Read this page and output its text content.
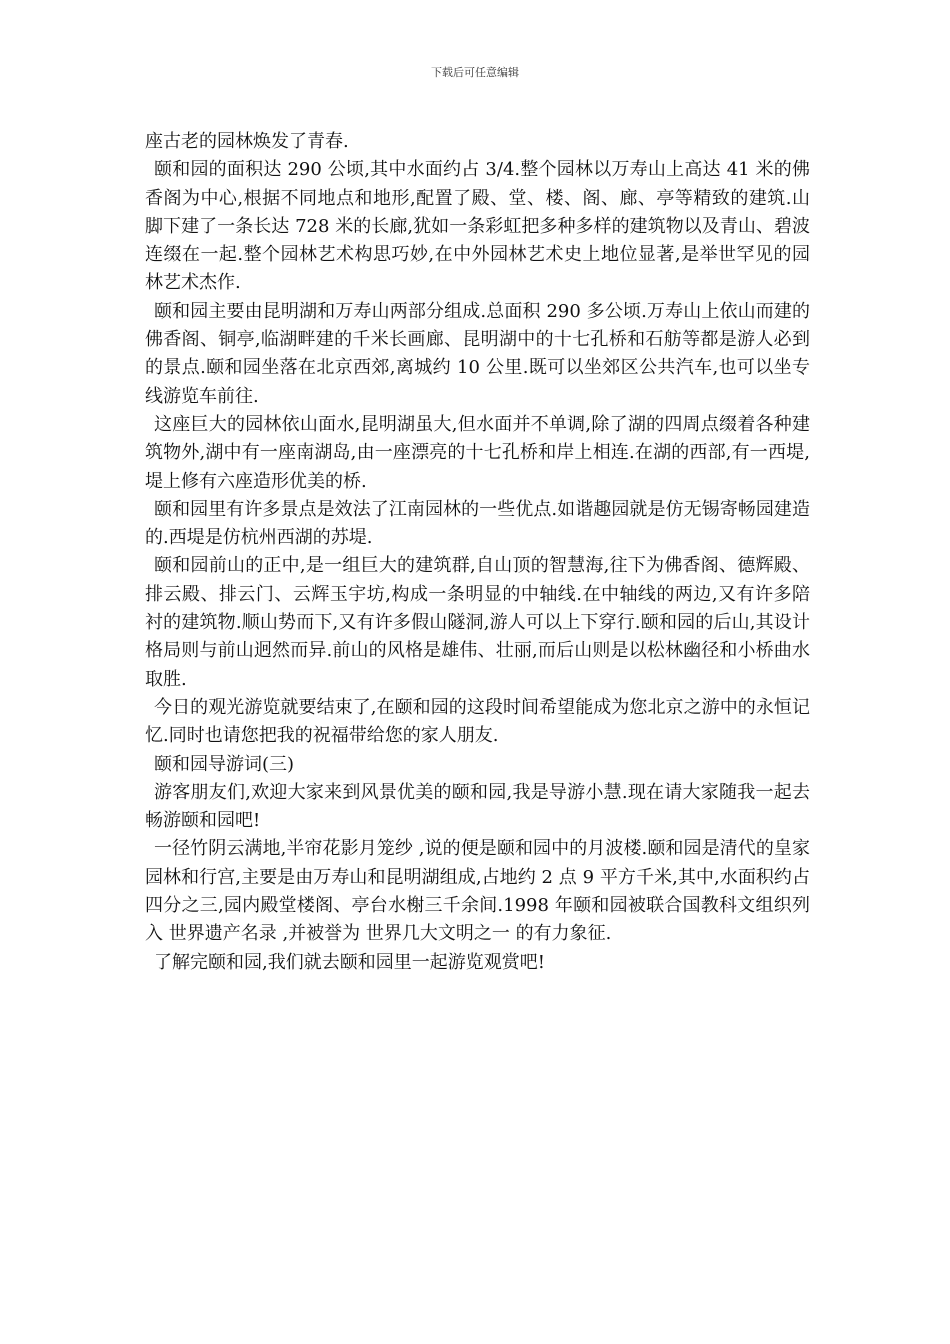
下载后可任意编辑

座古老的园林焕发了青春.

颐和园的面积达 290 公顷,其中水面约占 3/4.整个园林以万寿山上高达 41 米的佛香阁为中心,根据不同地点和地形,配置了殿、堂、楼、阁、廊、亭等精致的建筑.山脚下建了一条长达 728 米的长廊,犹如一条彩虹把多种多样的建筑物以及青山、碧波连缀在一起.整个园林艺术构思巧妙,在中外园林艺术史上地位显著,是举世罕见的园林艺术杰作.

颐和园主要由昆明湖和万寿山两部分组成.总面积 290 多公顷.万寿山上依山而建的佛香阁、铜亭,临湖畔建的千米长画廊、昆明湖中的十七孔桥和石舫等都是游人必到的景点.颐和园坐落在北京西郊,离城约 10 公里.既可以坐郊区公共汽车,也可以坐专线游览车前往.

这座巨大的园林依山面水,昆明湖虽大,但水面并不单调,除了湖的四周点缀着各种建筑物外,湖中有一座南湖岛,由一座漂亮的十七孔桥和岸上相连.在湖的西部,有一西堤,堤上修有六座造形优美的桥.

颐和园里有许多景点是效法了江南园林的一些优点.如谐趣园就是仿无锡寄畅园建造的.西堤是仿杭州西湖的苏堤.

颐和园前山的正中,是一组巨大的建筑群,自山顶的智慧海,往下为佛香阁、德辉殿、排云殿、排云门、云辉玉宇坊,构成一条明显的中轴线.在中轴线的两边,又有许多陪衬的建筑物.顺山势而下,又有许多假山隧洞,游人可以上下穿行.颐和园的后山,其设计格局则与前山迥然而异.前山的风格是雄伟、壮丽,而后山则是以松林幽径和小桥曲水取胜.

今日的观光游览就要结束了,在颐和园的这段时间希望能成为您北京之游中的永恒记忆.同时也请您把我的祝福带给您的家人朋友.

颐和园导游词(三)

游客朋友们,欢迎大家来到风景优美的颐和园,我是导游小慧.现在请大家随我一起去畅游颐和园吧!

一径竹阴云满地,半帘花影月笼纱 ,说的便是颐和园中的月波楼.颐和园是清代的皇家园林和行宫,主要是由万寿山和昆明湖组成,占地约 2 点 9 平方千米,其中,水面积约占四分之三,园内殿堂楼阁、亭台水榭三千余间.1998 年颐和园被联合国教科文组织列入 世界遗产名录 ,并被誉为 世界几大文明之一 的有力象征.

了解完颐和园,我们就去颐和园里一起游览观赏吧!
